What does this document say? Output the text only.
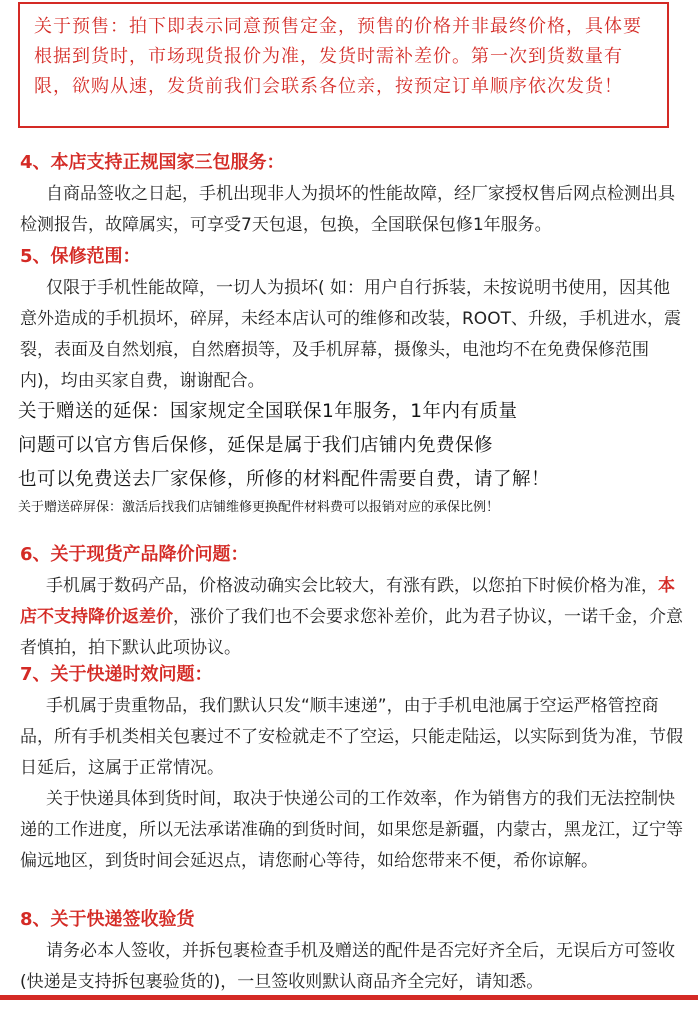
关于预售：拍下即表示同意预售定金，预售的价格并非最终价格，具体要根据到货时，市场现货报价为准，发货时需补差价。第一次到货数量有限，欲购从速，发货前我们会联系各位亲，按预定订单顺序依次发货！

4、本店支持正规国家三包服务：

自商品签收之日起，手机出现非人为损坏的性能故障，经厂家授权售后网点检测出具检测报告，故障属实，可享受7天包退，包换，全国联保包修1年服务。

5、保修范围：

仅限于手机性能故障，一切人为损坏( 如：用户自行拆装，未按说明书使用，因其他意外造成的手机损坏，碎屏，未经本店认可的维修和改装，ROOT、升级，手机进水，震裂，表面及自然划痕，自然磨损等，及手机屏幕，摄像头，电池均不在免费保修范围内)，均由买家自费，谢谢配合。

关于赠送的延保：国家规定全国联保1年服务，1年内有质量

问题可以官方售后保修，延保是属于我们店铺内免费保修

也可以免费送去厂家保修，所修的材料配件需要自费，请了解！

关于赠送碎屏保：激活后找我们店铺维修更换配件材料费可以报销对应的承保比例！

6、关于现货产品降价问题：

手机属于数码产品，价格波动确实会比较大，有涨有跌，以您拍下时候价格为准，本店不支持降价返差价，涨价了我们也不会要求您补差价，此为君子协议，一诺千金，介意者慎拍，拍下默认此项协议。

7、关于快递时效问题：

手机属于贵重物品，我们默认只发“顺丰速递”，由于手机电池属于空运严格管控商品，所有手机类相关包裹过不了安检就走不了空运，只能走陆运，以实际到货为准，节假日延后，这属于正常情况。

关于快递具体到货时间，取决于快递公司的工作效率，作为销售方的我们无法控制快递的工作进度，所以无法承诺准确的到货时间，如果您是新疆，内蒙古，黑龙江，辽宁等偏远地区，到货时间会延迟点，请您耐心等待，如给您带来不便，希你谅解。

8、关于快递签收验货

请务必本人签收，并拆包裹检查手机及赠送的配件是否完好齐全后，无误后方可签收(快递是支持拆包裹验货的)，一旦签收则默认商品齐全完好，请知悉。
